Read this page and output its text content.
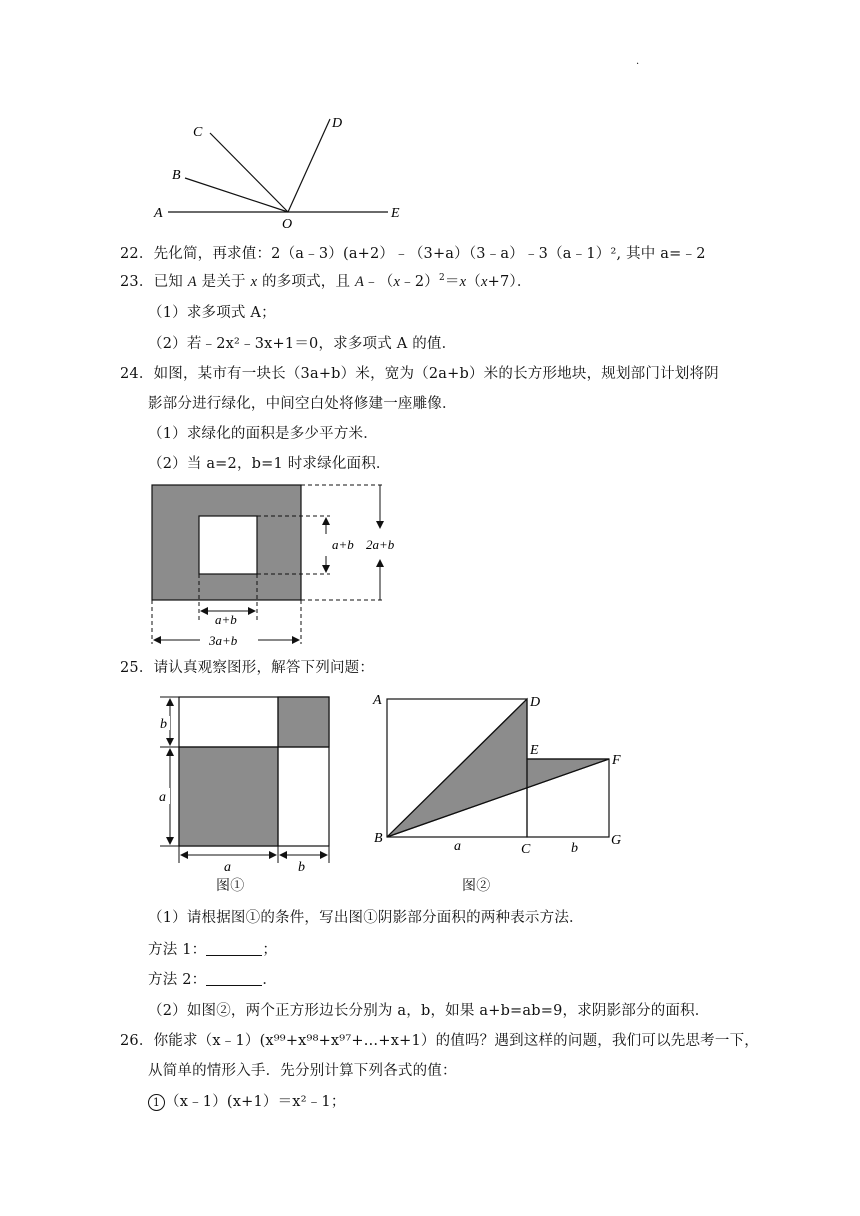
.
A
B
C
D
E
O
22．先化简，再求值：2（a﹣3）(a+2）﹣（3+a）（3﹣a）﹣3（a﹣1）², 其中 a=﹣2
23．已知 A 是关于 x 的多项式，且 A﹣（x﹣2）$^2$＝x（x+7）．
（1）求多项式 A；
（2）若﹣2x²﹣3x+1＝0，求多项式 A 的值．
24．如图，某市有一块长（3a+b）米，宽为（2a+b）米的长方形地块，规划部门计划将阴
影部分进行绿化，中间空白处将修建一座雕像．
（1）求绿化的面积是多少平方米．
（2）当 a=2，b=1 时求绿化面积．
a+b 2a+b
a+b
3a+b
25．请认真观察图形，解答下列问题：
b
a
a	b
图①
A	D
E
F
B
C
G
a	b
图②
（1）请根据图①的条件，写出图①阴影部分面积的两种表示方法．
方法 1：	；
方法 2：	．
（2）如图②，两个正方形边长分别为 a，b，如果 a+b=ab=9，求阴影部分的面积．
26．你能求（x﹣1）(x⁹⁹+x⁹⁸+x⁹⁷+…+x+1）的值吗？遇到这样的问题，我们可以先思考一下，
从简单的情形入手．先分别计算下列各式的值：
1 （x﹣1）(x+1）＝x²﹣1；
